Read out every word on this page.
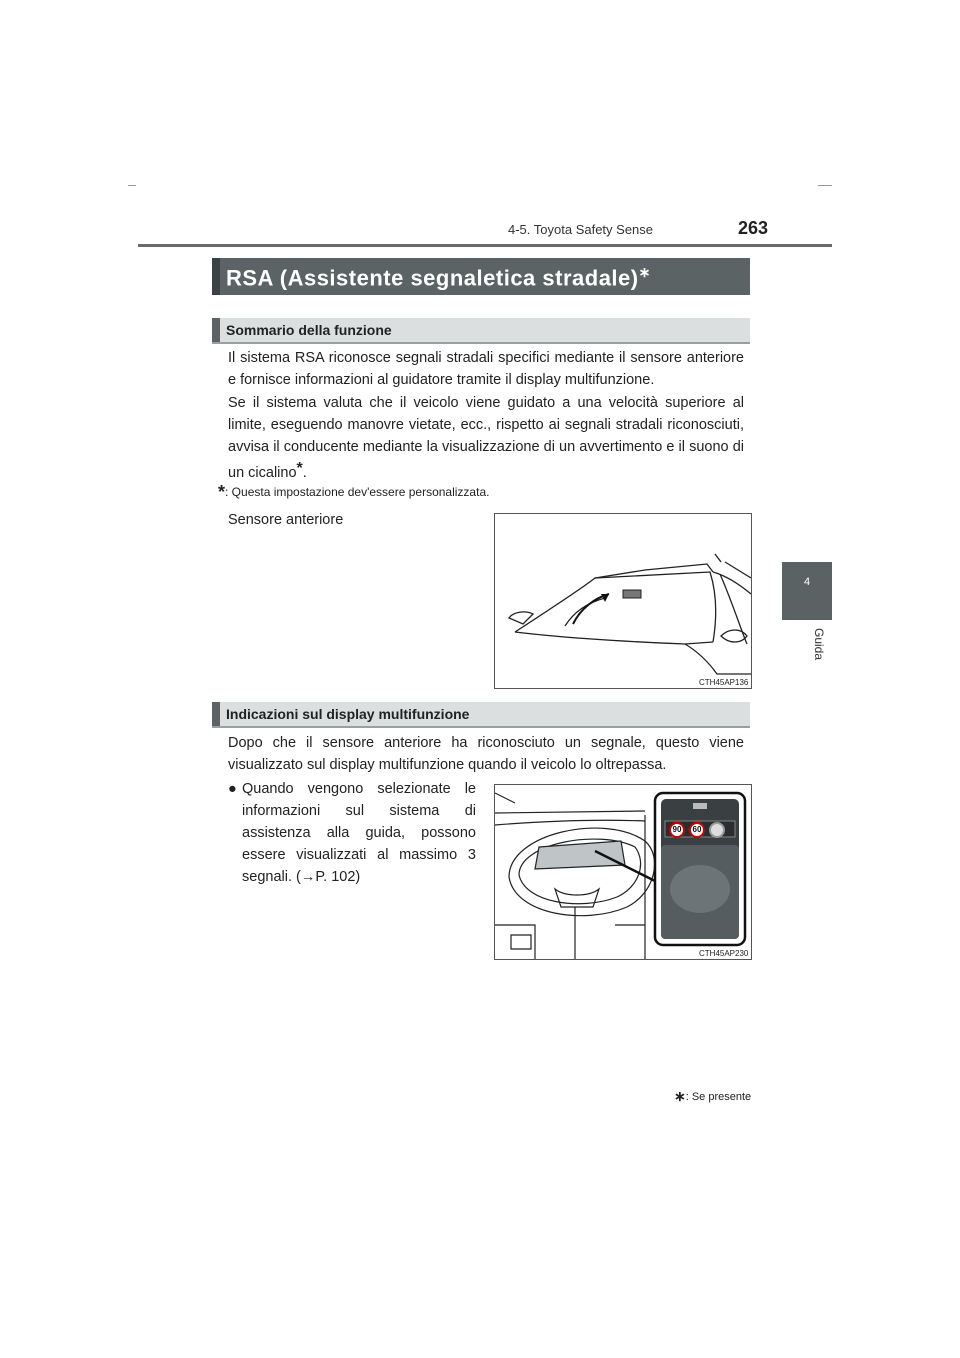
4-5. Toyota Safety Sense	263
4
Guida
RSA (Assistente segnaletica stradale)∗
Sommario della funzione
Il sistema RSA riconosce segnali stradali specifici mediante il sensore anteriore e fornisce informazioni al guidatore tramite il display multifunzione.
Se il sistema valuta che il veicolo viene guidato a una velocità superiore al limite, eseguendo manovre vietate, ecc., rispetto ai segnali stradali riconosciuti, avvisa il conducente mediante la visualizzazione di un avvertimento e il suono di un cicalino*.
*: Questa impostazione dev'essere personalizzata.
Sensore anteriore
CTH45AP136
Indicazioni sul display multifunzione
Dopo che il sensore anteriore ha riconosciuto un segnale, questo viene visualizzato sul display multifunzione quando il veicolo lo oltrepassa.
● Quando vengono selezionate le informazioni sul sistema di assistenza alla guida, possono essere visualizzati al massimo 3 segnali. (→P. 102)
90	60
CTH45AP230
∗: Se presente
